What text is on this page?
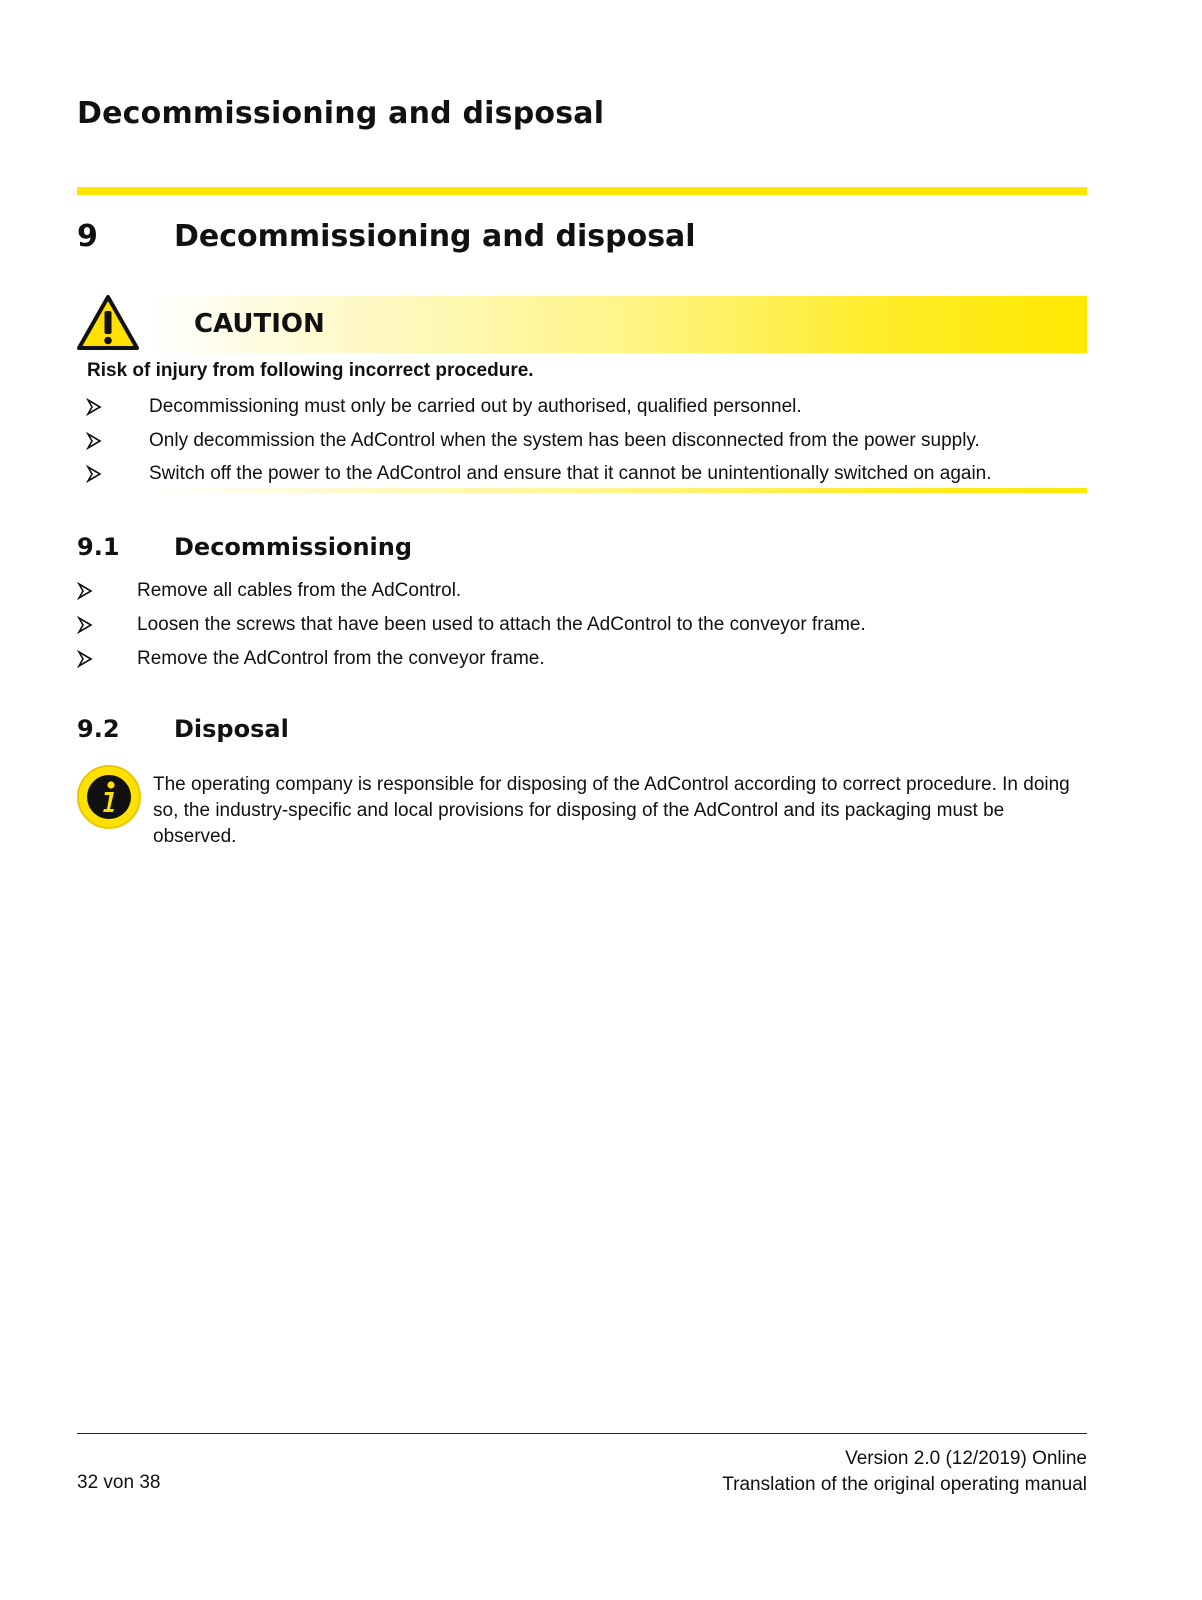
Decommissioning and disposal
9	Decommissioning and disposal
CAUTION
Risk of injury from following incorrect procedure.
Decommissioning must only be carried out by authorised, qualified personnel.
Only decommission the AdControl when the system has been disconnected from the power supply.
Switch off the power to the AdControl and ensure that it cannot be unintentionally switched on again.
9.1 Decommissioning
Remove all cables from the AdControl.
Loosen the screws that have been used to attach the AdControl to the conveyor frame.
Remove the AdControl from the conveyor frame.
9.2 Disposal
The operating company is responsible for disposing of the AdControl according to correct procedure. In doing so, the industry-specific and local provisions for disposing of the AdControl and its packaging must be observed.
32 von 38
Version 2.0 (12/2019) Online
Translation of the original operating manual
